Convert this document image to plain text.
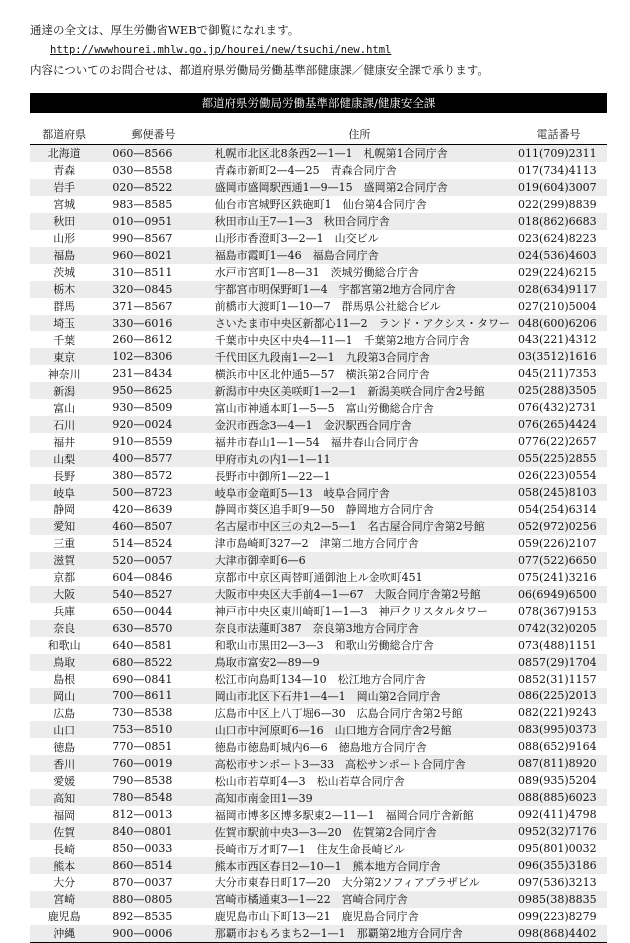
通達の全文は、厚生労働省WEBで御覧になれます。
http://wwwhourei.mhlw.go.jp/hourei/new/tsuchi/new.html
内容についてのお問合せは、都道府県労働局労働基準部健康課／健康安全課で承ります。
都道府県労働局労働基準部健康課/健康安全課
都道府県	郵便番号	住所	電話番号
北海道	060—8566	札幌市北区北8条西2—1—1　札幌第1合同庁舎	011(709)2311
青森	030—8558	青森市新町2—4—25　青森合同庁舎	017(734)4113
岩手	020—8522	盛岡市盛岡駅西通1—9—15　盛岡第2合同庁舎	019(604)3007
宮城	983—8585	仙台市宮城野区鉄砲町1　仙台第4合同庁舎	022(299)8839
秋田	010—0951	秋田市山王7—1—3　秋田合同庁舎	018(862)6683
山形	990—8567	山形市香澄町3—2—1　山交ビル	023(624)8223
福島	960—8021	福島市霞町1—46　福島合同庁舎	024(536)4603
茨城	310—8511	水戸市宮町1—8—31　茨城労働総合庁舎	029(224)6215
栃木	320—0845	宇都宮市明保野町1—4　宇都宮第2地方合同庁舎	028(634)9117
群馬	371—8567	前橋市大渡町1—10—7　群馬県公社総合ビル	027(210)5004
埼玉	330—6016	さいたま市中央区新都心11—2　ランド・アクシス・タワー	048(600)6206
千葉	260—8612	千葉市中央区中央4—11—1　千葉第2地方合同庁舎	043(221)4312
東京	102—8306	千代田区九段南1—2—1　九段第3合同庁舎	03(3512)1616
神奈川	231—8434	横浜市中区北仲通5—57　横浜第2合同庁舎	045(211)7353
新潟	950—8625	新潟市中央区美咲町1—2—1　新潟美咲合同庁舎2号館	025(288)3505
富山	930—8509	富山市神通本町1—5—5　富山労働総合庁舎	076(432)2731
石川	920—0024	金沢市西念3—4—1　金沢駅西合同庁舎	076(265)4424
福井	910—8559	福井市春山1—1—54　福井春山合同庁舎	0776(22)2657
山梨	400—8577	甲府市丸の内1—1—11	055(225)2855
長野	380—8572	長野市中御所1—22—1	026(223)0554
岐阜	500—8723	岐阜市金竜町5—13　岐阜合同庁舎	058(245)8103
静岡	420—8639	静岡市葵区追手町9—50　静岡地方合同庁舎	054(254)6314
愛知	460—8507	名古屋市中区三の丸2—5—1　名古屋合同庁舎第2号館	052(972)0256
三重	514—8524	津市島崎町327—2　津第二地方合同庁舎	059(226)2107
滋賀	520—0057	大津市御幸町6—6	077(522)6650
京都	604—0846	京都市中京区両替町通御池上ル金吹町451	075(241)3216
大阪	540—8527	大阪市中央区大手前4—1—67　大阪合同庁舎第2号館	06(6949)6500
兵庫	650—0044	神戸市中央区東川崎町1—1—3　神戸クリスタルタワー	078(367)9153
奈良	630—8570	奈良市法蓮町387　奈良第3地方合同庁舎	0742(32)0205
和歌山	640—8581	和歌山市黒田2—3—3　和歌山労働総合庁舎	073(488)1151
鳥取	680—8522	鳥取市富安2—89—9	0857(29)1704
島根	690—0841	松江市向島町134—10　松江地方合同庁舎	0852(31)1157
岡山	700—8611	岡山市北区下石井1—4—1　岡山第2合同庁舎	086(225)2013
広島	730—8538	広島市中区上八丁堀6—30　広島合同庁舎第2号館	082(221)9243
山口	753—8510	山口市中河原町6—16　山口地方合同庁舎2号館	083(995)0373
徳島	770—0851	徳島市徳島町城内6—6　徳島地方合同庁舎	088(652)9164
香川	760—0019	高松市サンポート3—33　高松サンポート合同庁舎	087(811)8920
愛媛	790—8538	松山市若草町4—3　松山若草合同庁舎	089(935)5204
高知	780—8548	高知市南金田1—39	088(885)6023
福岡	812—0013	福岡市博多区博多駅東2—11—1　福岡合同庁舎新館	092(411)4798
佐賀	840—0801	佐賀市駅前中央3—3—20　佐賀第2合同庁舎	0952(32)7176
長崎	850—0033	長崎市万才町7—1　住友生命長崎ビル	095(801)0032
熊本	860—8514	熊本市西区春日2—10—1　熊本地方合同庁舎	096(355)3186
大分	870—0037	大分市東春日町17—20　大分第2ソフィアプラザビル	097(536)3213
宮崎	880—0805	宮崎市橘通東3—1—22　宮崎合同庁舎	0985(38)8835
鹿児島	892—8535	鹿児島市山下町13—21　鹿児島合同庁舎	099(223)8279
沖縄	900—0006	那覇市おもろまち2—1—1　那覇第2地方合同庁舎	098(868)4402
